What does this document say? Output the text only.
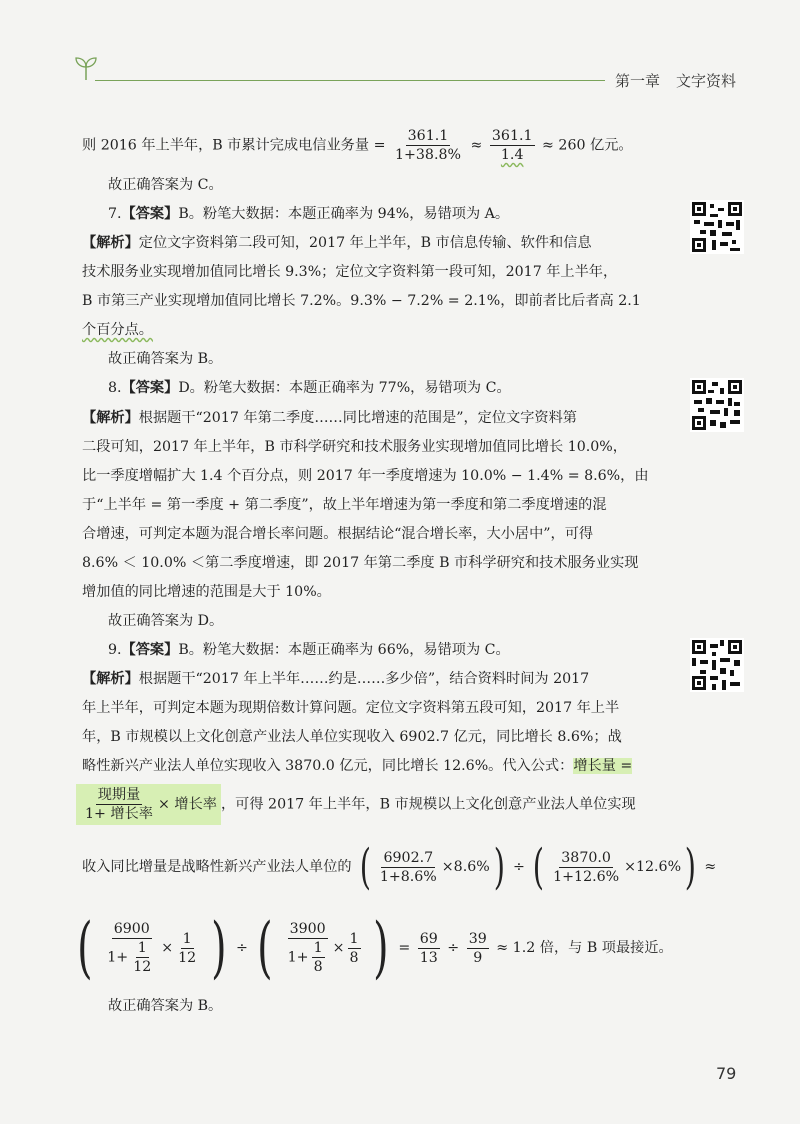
第一章 文字资料
则 2016 年上半年，B 市累计完成电信业务量 = $\frac{361.1}{1+38.8\%} \approx \frac{361.1}{1.4} \approx 260$ 亿元。
故正确答案为 C。
7.【答案】B。粉笔大数据：本题正确率为 94%，易错项为 A。
【解析】定位文字资料第二段可知，2017 年上半年，B 市信息传输、软件和信息
技术服务业实现增加值同比增长 9.3%；定位文字资料第一段可知，2017 年上半年，
B 市第三产业实现增加值同比增长 7.2%。9.3% − 7.2% = 2.1%，即前者比后者高 2.1
个百分点。
故正确答案为 B。
8.【答案】D。粉笔大数据：本题正确率为 77%，易错项为 C。
【解析】根据题干“2017 年第二季度……同比增速的范围是”，定位文字资料第
二段可知，2017 年上半年，B 市科学研究和技术服务业实现增加值同比增长 10.0%，
比一季度增幅扩大 1.4 个百分点，则 2017 年一季度增速为 10.0% − 1.4% = 8.6%，由
于“上半年 = 第一季度 + 第二季度”，故上半年增速为第一季度和第二季度增速的混
合增速，可判定本题为混合增长率问题。根据结论“混合增长率，大小居中”，可得
8.6% ＜ 10.0% ＜第二季度增速，即 2017 年第二季度 B 市科学研究和技术服务业实现
增加值的同比增速的范围是大于 10%。
故正确答案为 D。
9.【答案】B。粉笔大数据：本题正确率为 66%，易错项为 C。
【解析】根据题干“2017 年上半年……约是……多少倍”，结合资料时间为 2017
年上半年，可判定本题为现期倍数计算问题。定位文字资料第五段可知，2017 年上半
年，B 市规模以上文化创意产业法人单位实现收入 6902.7 亿元，同比增长 8.6%；战
略性新兴产业法人单位实现收入 3870.0 亿元，同比增长 12.6%。代入公式：增长量 =
$\frac{\text{现期量}}{\text{1+ 增长率}}$ × 增长率 ，可得 2017 年上半年，B 市规模以上文化创意产业法人单位实现
收入同比增量是战略性新兴产业法人单位的 ( $\frac{6902.7}{1+8.6\%} \times 8.6\%$) ÷ ( $\frac{3870.0}{1+12.6\%} \times 12.6\%$) ≈
( $\frac{6900}{1+ \frac{1}{12}} \times \frac{1}{12}$ ) ÷ ( $\frac{3900}{1+ \frac{1}{8}} \times \frac{1}{8}$ ) = $\frac{69}{13} \div \frac{39}{9} \approx 1.2$ 倍，与 B 项最接近。
故正确答案为 B。
79
